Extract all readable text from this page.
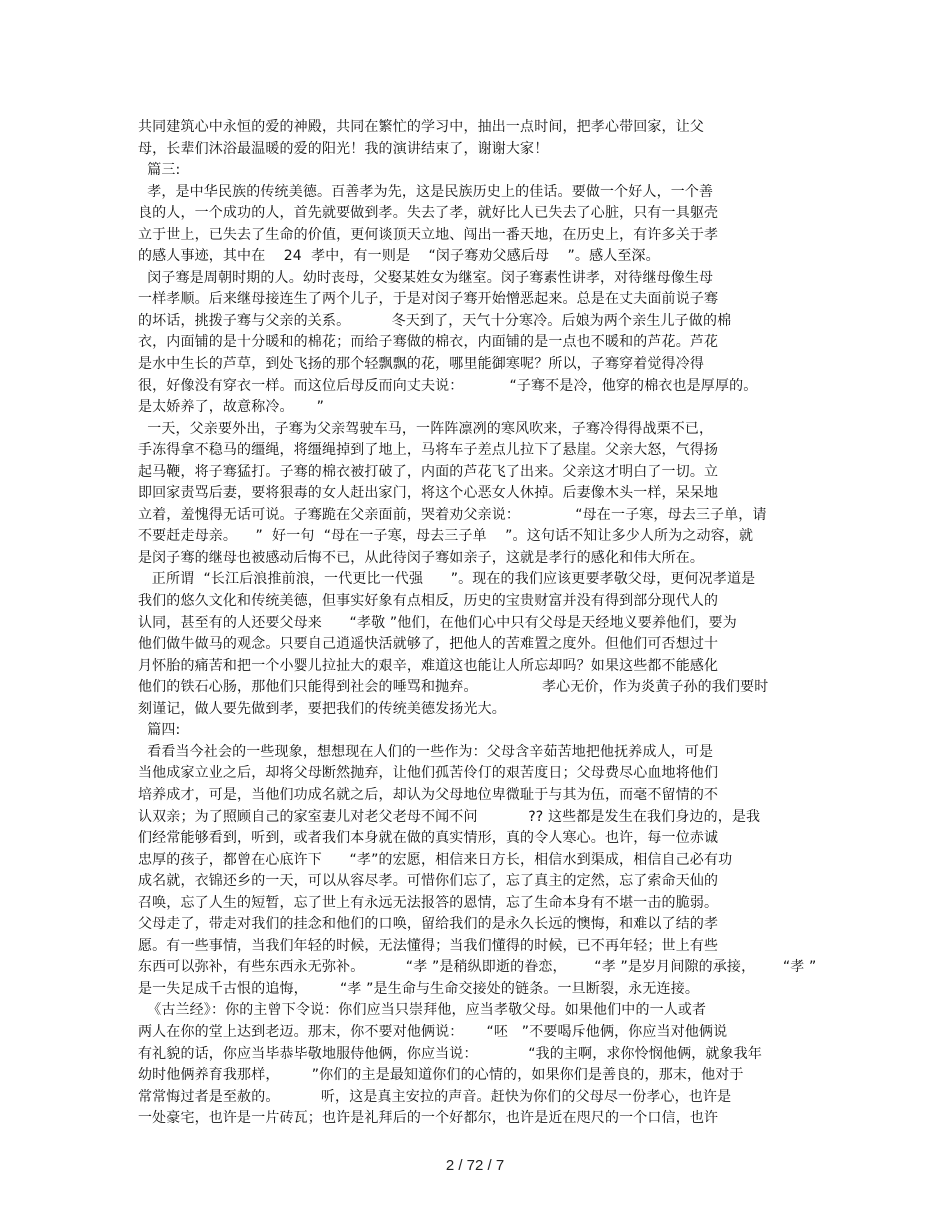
共同建筑心中永恒的爱的神殿，共同在繁忙的学习中，抽出一点时间，把孝心带回家，让父
母，长辈们沐浴最温暖的爱的阳光！我的演讲结束了，谢谢大家！
篇三:
孝，是中华民族的传统美德。百善孝为先，这是民族历史上的佳话。要做一个好人，一个善
良的人，一个成功的人，首先就要做到孝。失去了孝，就好比人已失去了心脏，只有一具躯壳
立于世上，已失去了生命的价值，更何谈顶天立地、闯出一番天地，在历史上，有许多关于孝
的感人事迹，其中在    24  孝中，有一则是    “闵子骞劝父感后母    ”。感人至深。
闵子骞是周朝时期的人。幼时丧母，父娶某姓女为继室。闵子骞素性讲孝，对待继母像生母
一样孝顺。后来继母接连生了两个儿子，于是对闵子骞开始憎恶起来。总是在丈夫面前说子骞
的坏话，挑拨子骞与父亲的关系。         冬天到了，天气十分寒冷。后娘为两个亲生儿子做的棉
衣，内面铺的是十分暖和的棉花；而给子骞做的棉衣，内面铺的是一点也不暖和的芦花。芦花
是水中生长的芦草，到处飞扬的那个轻飘飘的花，哪里能御寒呢？所以，子骞穿着觉得冷得
很，好像没有穿衣一样。而这位后母反而向丈夫说：          “子骞不是冷，他穿的棉衣也是厚厚的。
是太娇养了，故意称冷。     ”
一天，父亲要外出，子骞为父亲驾驶车马，一阵阵凛冽的寒风吹来，子骞冷得得战栗不已，
手冻得拿不稳马的缰绳，将缰绳掉到了地上，马将车子差点儿拉下了悬崖。父亲大怒，气得扬
起马鞭，将子骞猛打。子骞的棉衣被打破了，内面的芦花飞了出来。父亲这才明白了一切。立
即回家责骂后妻，要将狠毒的女人赶出家门，将这个心恶女人休掉。后妻像木头一样，呆呆地
立着，羞愧得无话可说。子骞跪在父亲面前，哭着劝父亲说：            “母在一子寒，母去三子单，请
不要赶走母亲。    ”  好一句  “母在一子寒，母去三子单    ”。这句话不知让多少人所为之动容，就
是闵子骞的继母也被感动后悔不已，从此待闵子骞如亲子，这就是孝行的感化和伟大所在。
正所谓  “长江后浪推前浪，一代更比一代强      ”。现在的我们应该更要孝敬父母，更何况孝道是
我们的悠久文化和传统美德，但事实好象有点相反，历史的宝贵财富并没有得到部分现代人的
认同，甚至有的人还要父母来      “孝敬 ”他们，在他们心中只有父母是天经地义要养他们，要为
他们做牛做马的观念。只要自己逍遥快活就够了，把他人的苦难置之度外。但他们可否想过十
月怀胎的痛苦和把一个小婴儿拉扯大的艰辛，难道这也能让人所忘却吗？如果这些都不能感化
他们的铁石心肠，那他们只能得到社会的唾骂和抛弃。              孝心无价，作为炎黄子孙的我们要时
刻谨记，做人要先做到孝，要把我们的传统美德发扬光大。
篇四:
看看当今社会的一些现象，想想现在人们的一些作为：父母含辛茹苦地把他抚养成人，可是
当他成家立业之后，却将父母断然抛弃，让他们孤苦伶仃的艰苦度日；父母费尽心血地将他们
培养成才，可是，当他们功成名就之后，却认为父母地位卑微耻于与其为伍，而毫不留情的不
认双亲；为了照顾自己的家室妻儿对老父老母不闻不问           ?? 这些都是发生在我们身边的，是我
们经常能够看到，听到，或者我们本身就在做的真实情形，真的令人寒心。也许，每一位赤诚
忠厚的孩子，都曾在心底许下      “孝”的宏愿，相信来日方长，相信水到渠成，相信自己必有功
成名就，衣锦还乡的一天，可以从容尽孝。可惜你们忘了，忘了真主的定然，忘了索命天仙的
召唤，忘了人生的短暂，忘了世上有永远无法报答的恩情，忘了生命本身有不堪一击的脆弱。
父母走了，带走对我们的挂念和他们的口唤，留给我们的是永久长远的懊悔，和难以了结的孝
愿。有一些事情，当我们年轻的时候，无法懂得；当我们懂得的时候，已不再年轻；世上有些
东西可以弥补，有些东西永无弥补。         “孝 ”是稍纵即逝的眷恋，      “孝 ”是岁月间隙的承接，      “孝 ”
是一失足成千古恨的追悔，       “孝 ”是生命与生命交接处的链条。一旦断裂，永无连接。
《古兰经》：你的主曾下令说：你们应当只崇拜他，应当孝敬父母。如果他们中的一人或者
两人在你的堂上达到老迈。那末，你不要对他俩说：     “呸   ”不要喝斥他俩，你应当对他俩说
有礼貌的话，你应当毕恭毕敬地服侍他俩，你应当说：           “我的主啊，求你怜悯他俩，就象我年
幼时他俩养育我那样，       ”你们的主是最知道你们的心情的，如果你们是善良的，那末，他对于
常常悔过者是至赦的。         听，这是真主安拉的声音。赶快为你们的父母尽一份孝心，也许是
一处豪宅，也许是一片砖瓦；也许是礼拜后的一个好都尔，也许是近在咫尺的一个口信，也许
2 / 72 / 7
